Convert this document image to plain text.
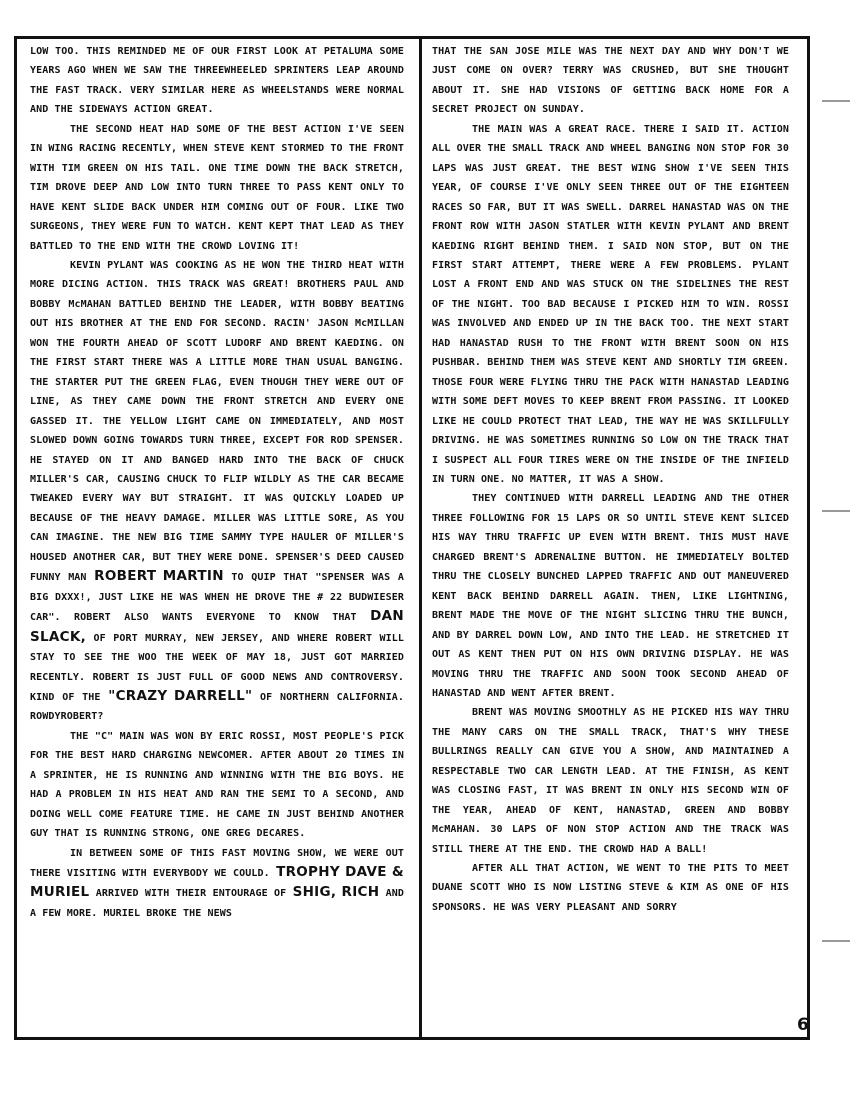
LOW TOO. THIS REMINDED ME OF OUR FIRST LOOK AT PETALUMA SOME YEARS AGO WHEN WE SAW THE THREEWHEELED SPRINTERS LEAP AROUND THE FAST TRACK. VERY SIMILAR HERE AS WHEELSTANDS WERE NORMAL AND THE SIDEWAYS ACTION GREAT.

THE SECOND HEAT HAD SOME OF THE BEST ACTION I'VE SEEN IN WING RACING RECENTLY, WHEN STEVE KENT STORMED TO THE FRONT WITH TIM GREEN ON HIS TAIL. ONE TIME DOWN THE BACK STRETCH, TIM DROVE DEEP AND LOW INTO TURN THREE TO PASS KENT ONLY TO HAVE KENT SLIDE BACK UNDER HIM COMING OUT OF FOUR. LIKE TWO SURGEONS, THEY WERE FUN TO WATCH. KENT KEPT THAT LEAD AS THEY BATTLED TO THE END WITH THE CROWD LOVING IT!

KEVIN PYLANT WAS COOKING AS HE WON THE THIRD HEAT WITH MORE DICING ACTION. THIS TRACK WAS GREAT! BROTHERS PAUL AND BOBBY McMAHAN BATTLED BEHIND THE LEADER, WITH BOBBY BEATING OUT HIS BROTHER AT THE END FOR SECOND. RACIN' JASON McMILLAN WON THE FOURTH AHEAD OF SCOTT LUDORF AND BRENT KAEDING. ON THE FIRST START THERE WAS A LITTLE MORE THAN USUAL BANGING. THE STARTER PUT THE GREEN FLAG, EVEN THOUGH THEY WERE OUT OF LINE, AS THEY CAME DOWN THE FRONT STRETCH AND EVERY ONE GASSED IT. THE YELLOW LIGHT CAME ON IMMEDIATELY, AND MOST SLOWED DOWN GOING TOWARDS TURN THREE, EXCEPT FOR ROD SPENSER. HE STAYED ON IT AND BANGED HARD INTO THE BACK OF CHUCK MILLER'S CAR, CAUSING CHUCK TO FLIP WILDLY AS THE CAR BECAME TWEAKED EVERY WAY BUT STRAIGHT. IT WAS QUICKLY LOADED UP BECAUSE OF THE HEAVY DAMAGE. MILLER WAS LITTLE SORE, AS YOU CAN IMAGINE. THE NEW BIG TIME SAMMY TYPE HAULER OF MILLER'S HOUSED ANOTHER CAR, BUT THEY WERE DONE. SPENSER'S DEED CAUSED FUNNY MAN ROBERT MARTIN TO QUIP THAT "SPENSER WAS A BIG DXXX!, JUST LIKE HE WAS WHEN HE DROVE THE # 22 BUDWIESER CAR". ROBERT ALSO WANTS EVERYONE TO KNOW THAT DAN SLACK, OF PORT MURRAY, NEW JERSEY, AND WHERE ROBERT WILL STAY TO SEE THE WOO THE WEEK OF MAY 18, JUST GOT MARRIED RECENTLY. ROBERT IS JUST FULL OF GOOD NEWS AND CONTROVERSY. KIND OF THE "CRAZY DARRELL" OF NORTHERN CALIFORNIA. ROWDYROBERT?

THE "C" MAIN WAS WON BY ERIC ROSSI, MOST PEOPLE'S PICK FOR THE BEST HARD CHARGING NEWCOMER. AFTER ABOUT 20 TIMES IN A SPRINTER, HE IS RUNNING AND WINNING WITH THE BIG BOYS. HE HAD A PROBLEM IN HIS HEAT AND RAN THE SEMI TO A SECOND, AND DOING WELL COME FEATURE TIME. HE CAME IN JUST BEHIND ANOTHER GUY THAT IS RUNNING STRONG, ONE GREG DECARES.

IN BETWEEN SOME OF THIS FAST MOVING SHOW, WE WERE OUT THERE VISITING WITH EVERYBODY WE COULD. TROPHY DAVE & MURIEL ARRIVED WITH THEIR ENTOURAGE OF SHIG, RICH AND A FEW MORE. MURIEL BROKE THE NEWS

THAT THE SAN JOSE MILE WAS THE NEXT DAY AND WHY DON'T WE JUST COME ON OVER? TERRY WAS CRUSHED, BUT SHE THOUGHT ABOUT IT. SHE HAD VISIONS OF GETTING BACK HOME FOR A SECRET PROJECT ON SUNDAY.

THE MAIN WAS A GREAT RACE. THERE I SAID IT. ACTION ALL OVER THE SMALL TRACK AND WHEEL BANGING NON STOP FOR 30 LAPS WAS JUST GREAT. THE BEST WING SHOW I'VE SEEN THIS YEAR, OF COURSE I'VE ONLY SEEN THREE OUT OF THE EIGHTEEN RACES SO FAR, BUT IT WAS SWELL. DARREL HANASTAD WAS ON THE FRONT ROW WITH JASON STATLER WITH KEVIN PYLANT AND BRENT KAEDING RIGHT BEHIND THEM. I SAID NON STOP, BUT ON THE FIRST START ATTEMPT, THERE WERE A FEW PROBLEMS. PYLANT LOST A FRONT END AND WAS STUCK ON THE SIDELINES THE REST OF THE NIGHT. TOO BAD BECAUSE I PICKED HIM TO WIN. ROSSI WAS INVOLVED AND ENDED UP IN THE BACK TOO. THE NEXT START HAD HANASTAD RUSH TO THE FRONT WITH BRENT SOON ON HIS PUSHBAR. BEHIND THEM WAS STEVE KENT AND SHORTLY TIM GREEN. THOSE FOUR WERE FLYING THRU THE PACK WITH HANASTAD LEADING WITH SOME DEFT MOVES TO KEEP BRENT FROM PASSING. IT LOOKED LIKE HE COULD PROTECT THAT LEAD, THE WAY HE WAS SKILLFULLY DRIVING. HE WAS SOMETIMES RUNNING SO LOW ON THE TRACK THAT I SUSPECT ALL FOUR TIRES WERE ON THE INSIDE OF THE INFIELD IN TURN ONE. NO MATTER, IT WAS A SHOW.

THEY CONTINUED WITH DARRELL LEADING AND THE OTHER THREE FOLLOWING FOR 15 LAPS OR SO UNTIL STEVE KENT SLICED HIS WAY THRU TRAFFIC UP EVEN WITH BRENT. THIS MUST HAVE CHARGED BRENT'S ADRENALINE BUTTON. HE IMMEDIATELY BOLTED THRU THE CLOSELY BUNCHED LAPPED TRAFFIC AND OUT MANEUVERED KENT BACK BEHIND DARRELL AGAIN. THEN, LIKE LIGHTNING, BRENT MADE THE MOVE OF THE NIGHT SLICING THRU THE BUNCH, AND BY DARREL DOWN LOW, AND INTO THE LEAD. HE STRETCHED IT OUT AS KENT THEN PUT ON HIS OWN DRIVING DISPLAY. HE WAS MOVING THRU THE TRAFFIC AND SOON TOOK SECOND AHEAD OF HANASTAD AND WENT AFTER BRENT.

BRENT WAS MOVING SMOOTHLY AS HE PICKED HIS WAY THRU THE MANY CARS ON THE SMALL TRACK, THAT'S WHY THESE BULLRINGS REALLY CAN GIVE YOU A SHOW, AND MAINTAINED A RESPECTABLE TWO CAR LENGTH LEAD. AT THE FINISH, AS KENT WAS CLOSING FAST, IT WAS BRENT IN ONLY HIS SECOND WIN OF THE YEAR, AHEAD OF KENT, HANASTAD, GREEN AND BOBBY McMAHAN. 30 LAPS OF NON STOP ACTION AND THE TRACK WAS STILL THERE AT THE END. THE CROWD HAD A BALL!

AFTER ALL THAT ACTION, WE WENT TO THE PITS TO MEET DUANE SCOTT WHO IS NOW LISTING STEVE & KIM AS ONE OF HIS SPONSORS. HE WAS VERY PLEASANT AND SORRY

6
